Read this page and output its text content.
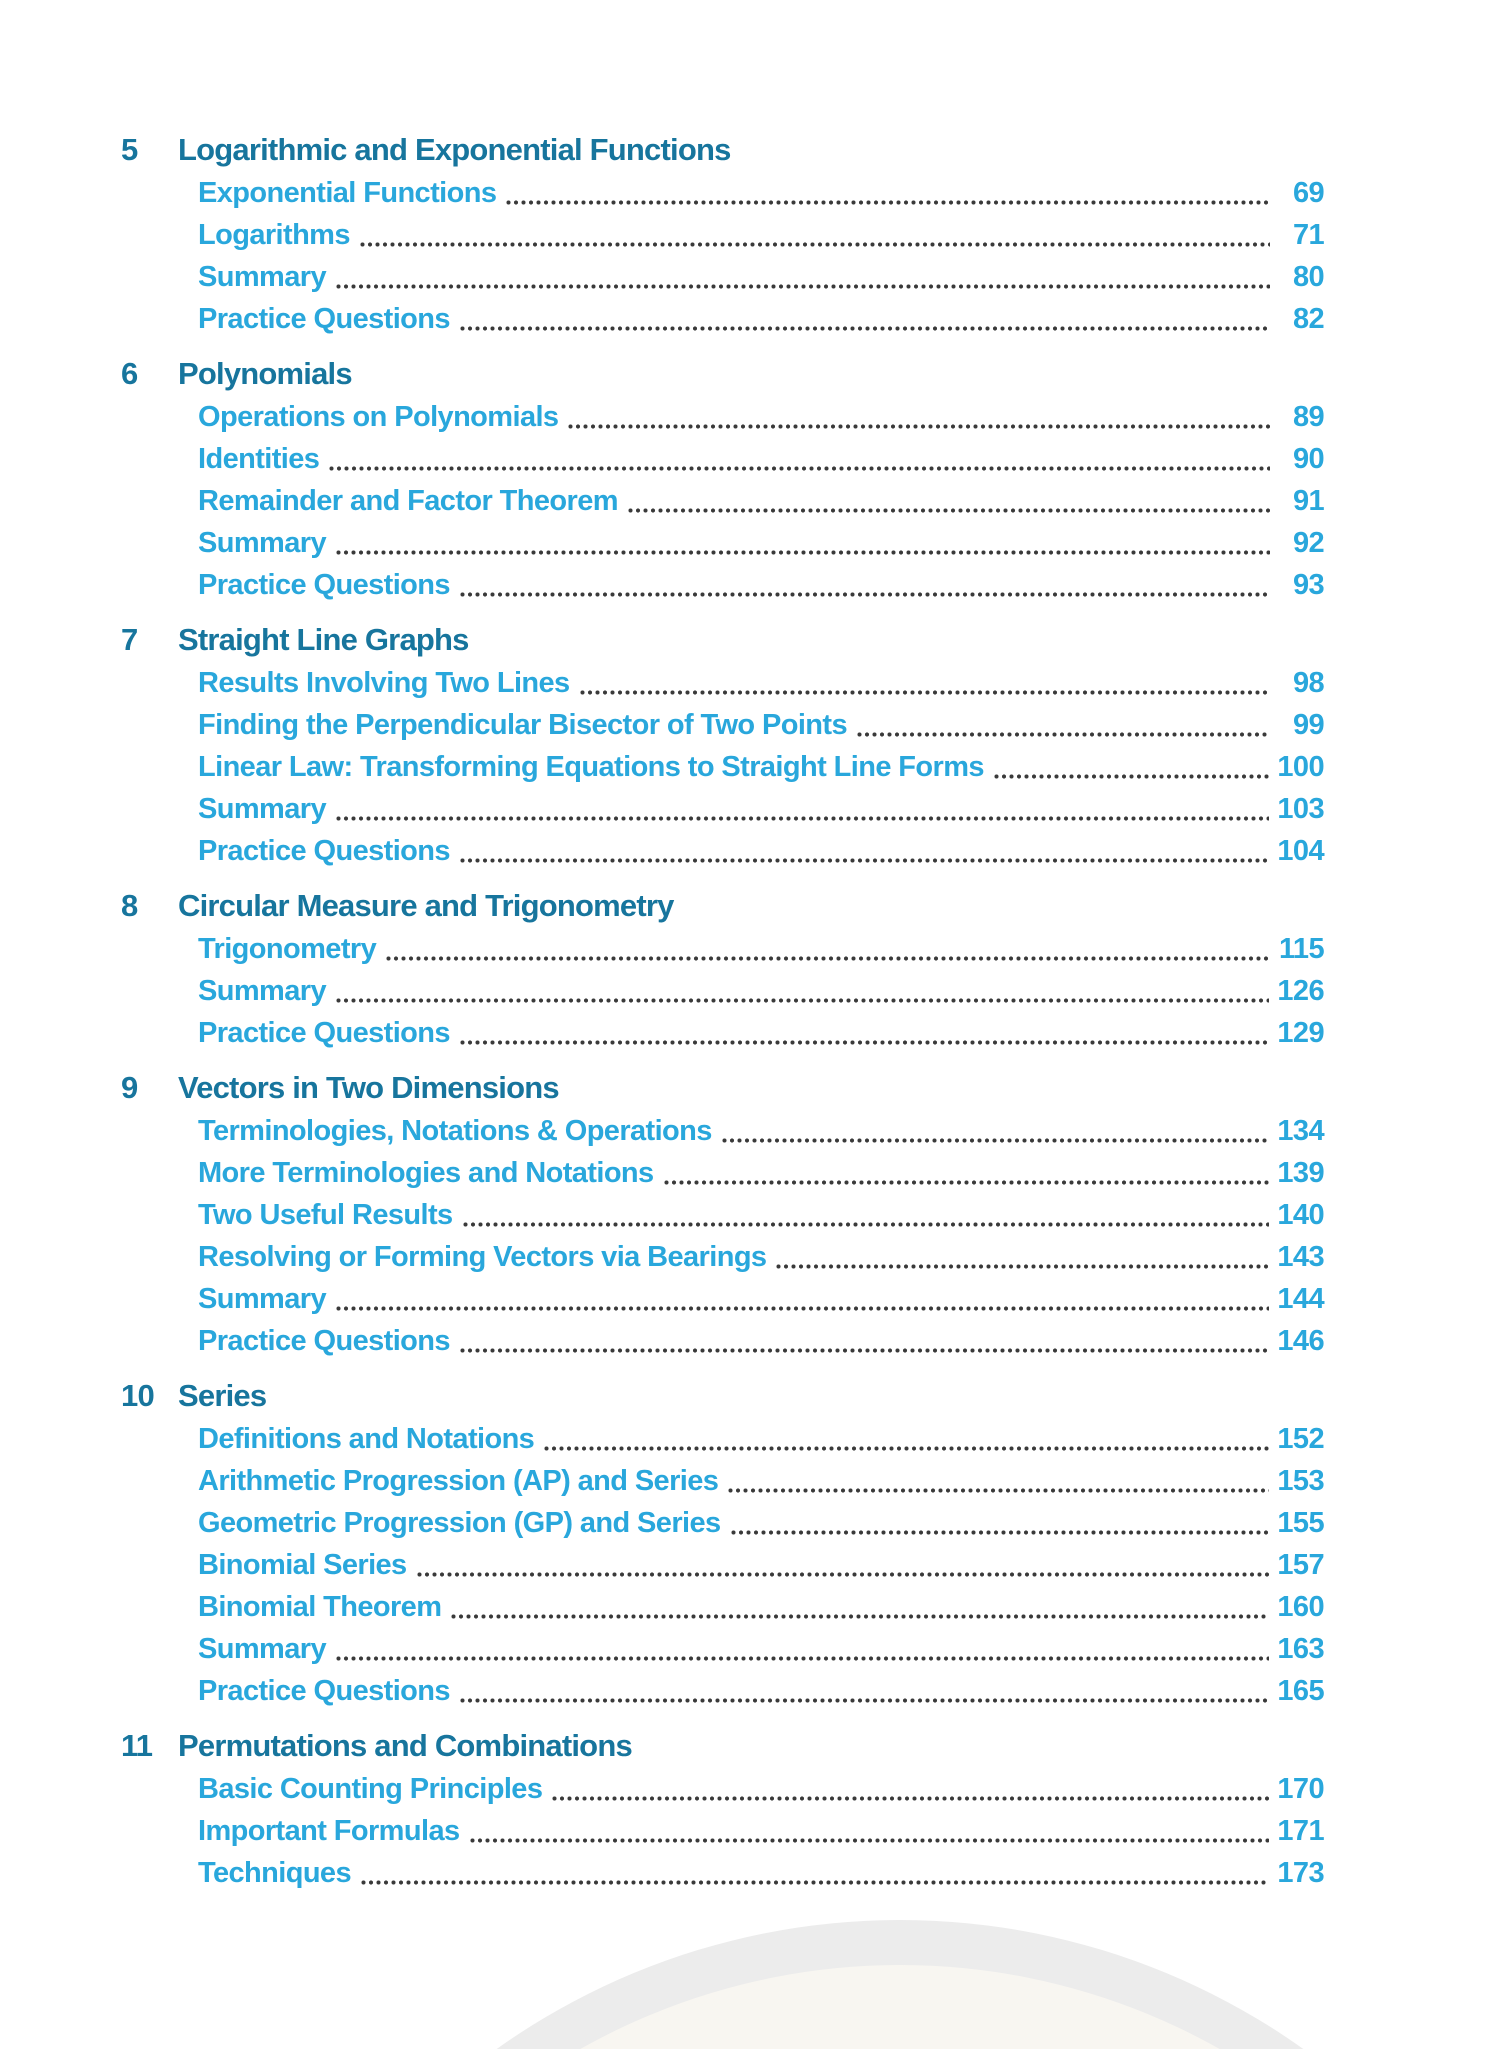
5	Logarithmic and Exponential Functions
Exponential Functions	69
Logarithms	71
Summary	80
Practice Questions	82
6	Polynomials
Operations on Polynomials	89
Identities	90
Remainder and Factor Theorem	91
Summary	92
Practice Questions	93
7	Straight Line Graphs
Results Involving Two Lines	98
Finding the Perpendicular Bisector of Two Points	99
Linear Law: Transforming Equations to Straight Line Forms	100
Summary	103
Practice Questions	104
8	Circular Measure and Trigonometry
Trigonometry	115
Summary	126
Practice Questions	129
9	Vectors in Two Dimensions
Terminologies, Notations & Operations	134
More Terminologies and Notations	139
Two Useful Results	140
Resolving or Forming Vectors via Bearings	143
Summary	144
Practice Questions	146
10 Series
Definitions and Notations	152
Arithmetic Progression (AP) and Series	153
Geometric Progression (GP) and Series	155
Binomial Series	157
Binomial Theorem	160
Summary	163
Practice Questions	165
11 Permutations and Combinations
Basic Counting Principles	170
Important Formulas	171
Techniques	173
